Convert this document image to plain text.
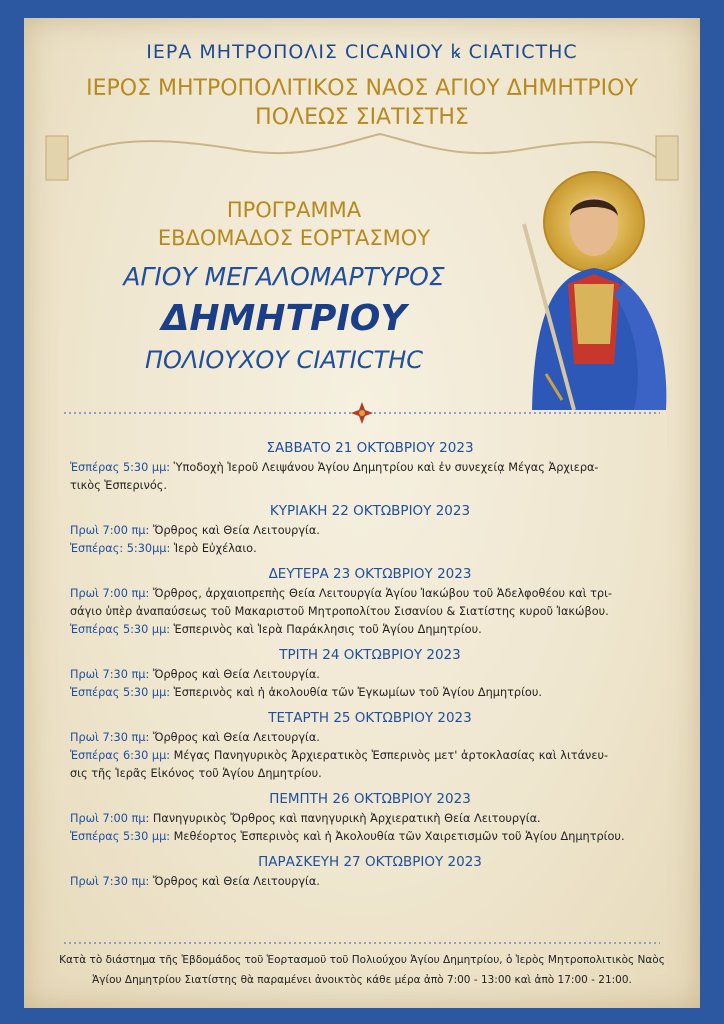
ΙΕΡΑ ΜΗΤΡΟΠΟΛΙΣ CICANIOY ꝃ CIATICTHC
ΙΕΡΟΣ ΜΗΤΡΟΠΟΛΙΤΙΚΟΣ ΝΑΟΣ ΑΓΙΟΥ ΔΗΜΗΤΡΙΟΥ
ΠΟΛΕΩΣ ΣΙΑΤΙΣΤΗΣ
ΠΡΟΓΡΑΜΜΑ
ΕΒΔΟΜΑΔΟΣ ΕΟΡΤΑΣΜΟΥ
ΑΓΙΟΥ ΜΕΓΑΛΟΜΑΡΤΥΡΟΣ
ΔΗΜΗΤΡΙΟΥ
ΠΟΛΙΟΥΧΟΥ CIATICTHC
ΣΑΒΒΑΤΟ 21 ΟΚΤΩΒΡΙΟΥ 2023
Ἑσπέρας 5:30 μμ: Ὑποδοχὴ Ἱεροῦ Λειψάνου Ἁγίου Δημητρίου καὶ ἐν συνεχείᾳ Μέγας Ἀρχιερα-
τικὸς Ἑσπερινός.
ΚΥΡΙΑΚΗ 22 ΟΚΤΩΒΡΙΟΥ 2023
Πρωὶ 7:00 πμ: Ὄρθρος καὶ Θεία Λειτουργία.
Ἑσπέρας: 5:30μμ: Ἱερὸ Εὐχέλαιο.
ΔΕΥΤΕΡΑ 23 ΟΚΤΩΒΡΙΟΥ 2023
Πρωὶ 7:00 πμ: Ὄρθρος, ἀρχαιοπρεπὴς Θεία Λειτουργία Ἁγίου Ἰακώβου τοῦ Ἀδελφοθέου καὶ τρι-
σάγιο ὑπὲρ ἀναπαύσεως τοῦ Μακαριστοῦ Μητροπολίτου Σισανίου & Σιατίστης κυροῦ Ἰακώβου.
Ἑσπέρας 5:30 μμ: Ἑσπερινὸς καὶ Ἱερὰ Παράκλησις τοῦ Ἁγίου Δημητρίου.
ΤΡΙΤΗ 24 ΟΚΤΩΒΡΙΟΥ 2023
Πρωὶ 7:30 πμ: Ὄρθρος καὶ Θεία Λειτουργία.
Ἑσπέρας 5:30 μμ: Ἑσπερινὸς καὶ ἡ ἀκολουθία τῶν Ἐγκωμίων τοῦ Ἁγίου Δημητρίου.
ΤΕΤΑΡΤΗ 25 ΟΚΤΩΒΡΙΟΥ 2023
Πρωὶ 7:30 πμ: Ὄρθρος καὶ Θεία Λειτουργία.
Ἑσπέρας 6:30 μμ: Μέγας Πανηγυρικὸς Ἀρχιερατικὸς Ἑσπερινὸς μετ' ἀρτοκλασίας καὶ λιτάνευ-
σις τῆς Ἱερᾶς Εἰκόνος τοῦ Ἁγίου Δημητρίου.
ΠΕΜΠΤΗ 26 ΟΚΤΩΒΡΙΟΥ 2023
Πρωὶ 7:00 πμ: Πανηγυρικὸς Ὄρθρος καὶ πανηγυρικὴ Ἀρχιερατικὴ Θεία Λειτουργία.
Ἑσπέρας 5:30 μμ: Μεθέορτος Ἑσπερινὸς καὶ ἡ Ἀκολουθία τῶν Χαιρετισμῶν τοῦ Ἁγίου Δημητρίου.
ΠΑΡΑΣΚΕΥΗ 27 ΟΚΤΩΒΡΙΟΥ 2023
Πρωὶ 7:30 πμ: Ὄρθρος καὶ Θεία Λειτουργία.
Κατὰ τὸ διάστημα τῆς Ἑβδομάδος τοῦ Ἑορτασμοῦ τοῦ Πολιούχου Ἁγίου Δημητρίου, ὁ Ἱερὸς Μητροπολιτικὸς Ναὸς
Ἁγίου Δημητρίου Σιατίστης θὰ παραμένει ἀνοικτὸς κάθε μέρα ἀπὸ 7:00 - 13:00 καὶ ἀπὸ 17:00 - 21:00.
